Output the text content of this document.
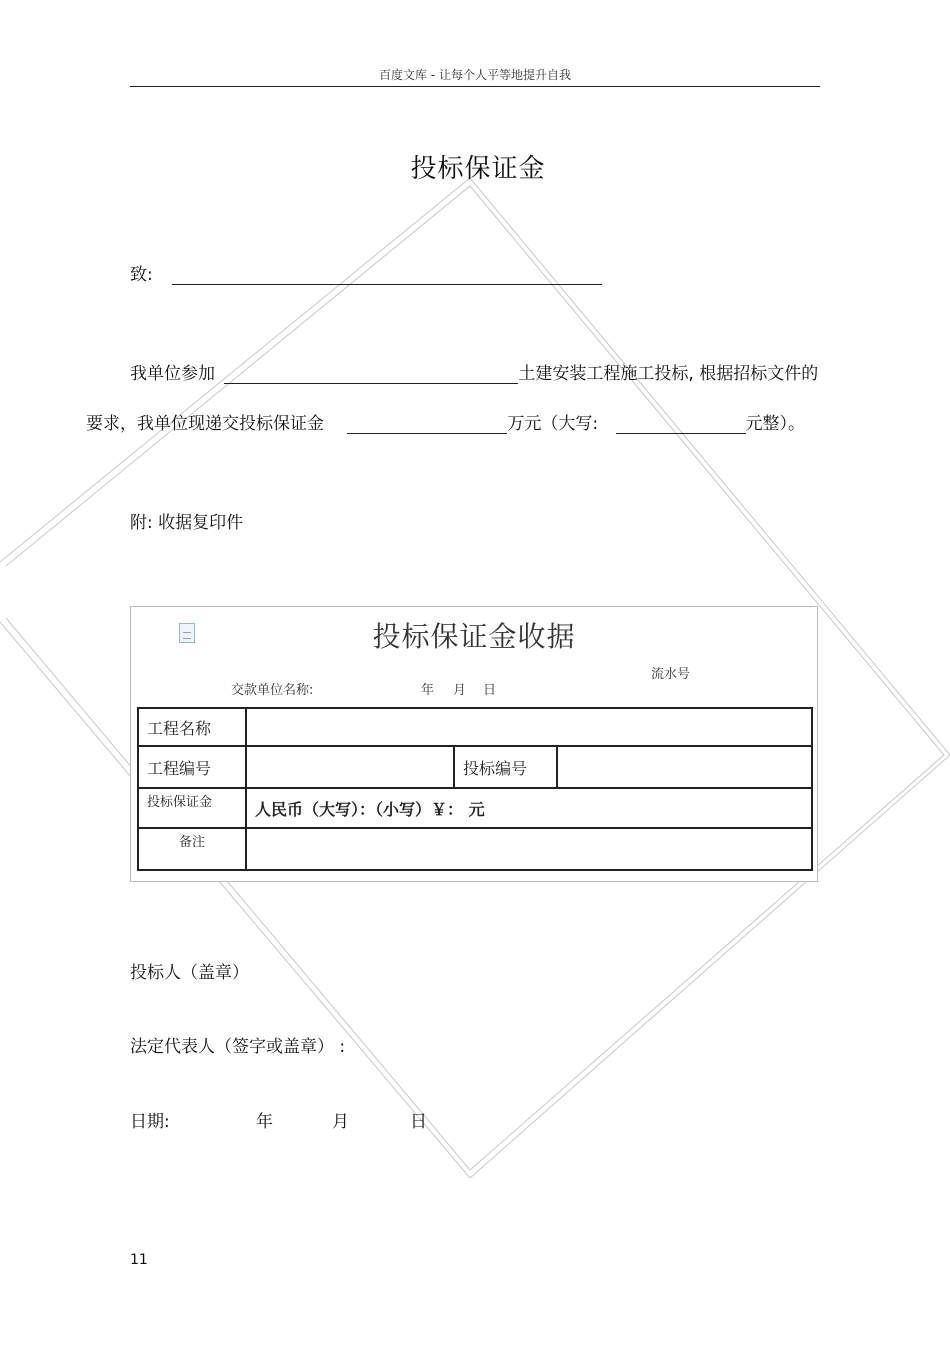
百度文库 - 让每个人平等地提升自我
投标保证金
致:
我单位参加	土建安装工程施工投标, 根据招标文件的
要求，我单位现递交投标保证金	万元（大写:	元整）。
附: 收据复印件
投标保证金收据
流水号
交款单位名称:	年 月 日
工程名称			
工程编号		投标编号	
投标保证金	人民币（大写）：（小写）￥： 元		
备注			
投标人（盖章）
法定代表人（签字或盖章） :
日期:	年	月	日
11
